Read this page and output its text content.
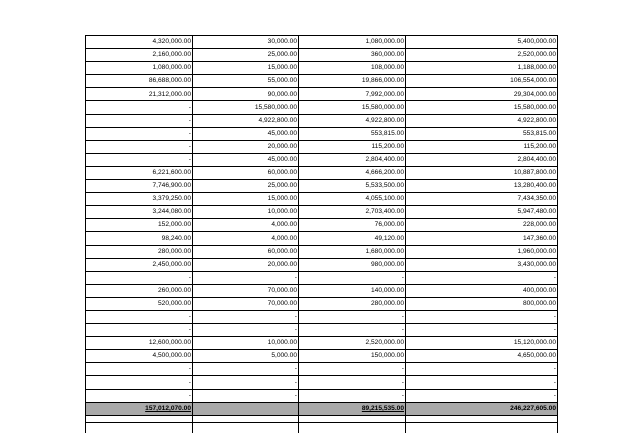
4,320,000.00	30,000.00	1,080,000.00	5,400,000.00
2,160,000.00	25,000.00	360,000.00	2,520,000.00
1,080,000.00	15,000.00	108,000.00	1,188,000.00
86,688,000.00	55,000.00	19,866,000.00	106,554,000.00
21,312,000.00	90,000.00	7,992,000.00	29,304,000.00
-	15,580,000.00	15,580,000.00	15,580,000.00
-	4,922,800.00	4,922,800.00	4,922,800.00
-	45,000.00	553,815.00	553,815.00
-	20,000.00	115,200.00	115,200.00
-	45,000.00	2,804,400.00	2,804,400.00
6,221,600.00	60,000.00	4,666,200.00	10,887,800.00
7,746,900.00	25,000.00	5,533,500.00	13,280,400.00
3,379,250.00	15,000.00	4,055,100.00	7,434,350.00
3,244,080.00	10,000.00	2,703,400.00	5,947,480.00
152,000.00	4,000.00	76,000.00	228,000.00
98,240.00	4,000.00	49,120.00	147,360.00
280,000.00	60,000.00	1,680,000.00	1,960,000.00
2,450,000.00	20,000.00	980,000.00	3,430,000.00
-	-	-	-
260,000.00	70,000.00	140,000.00	400,000.00
520,000.00	70,000.00	280,000.00	800,000.00
-	-	-	-
-	-	-	-
12,600,000.00	10,000.00	2,520,000.00	15,120,000.00
4,500,000.00	5,000.00	150,000.00	4,650,000.00
-	-	-	-
-	-	-	-
-	-	-	-
157,012,070.00		89,215,535.00	246,227,605.00
